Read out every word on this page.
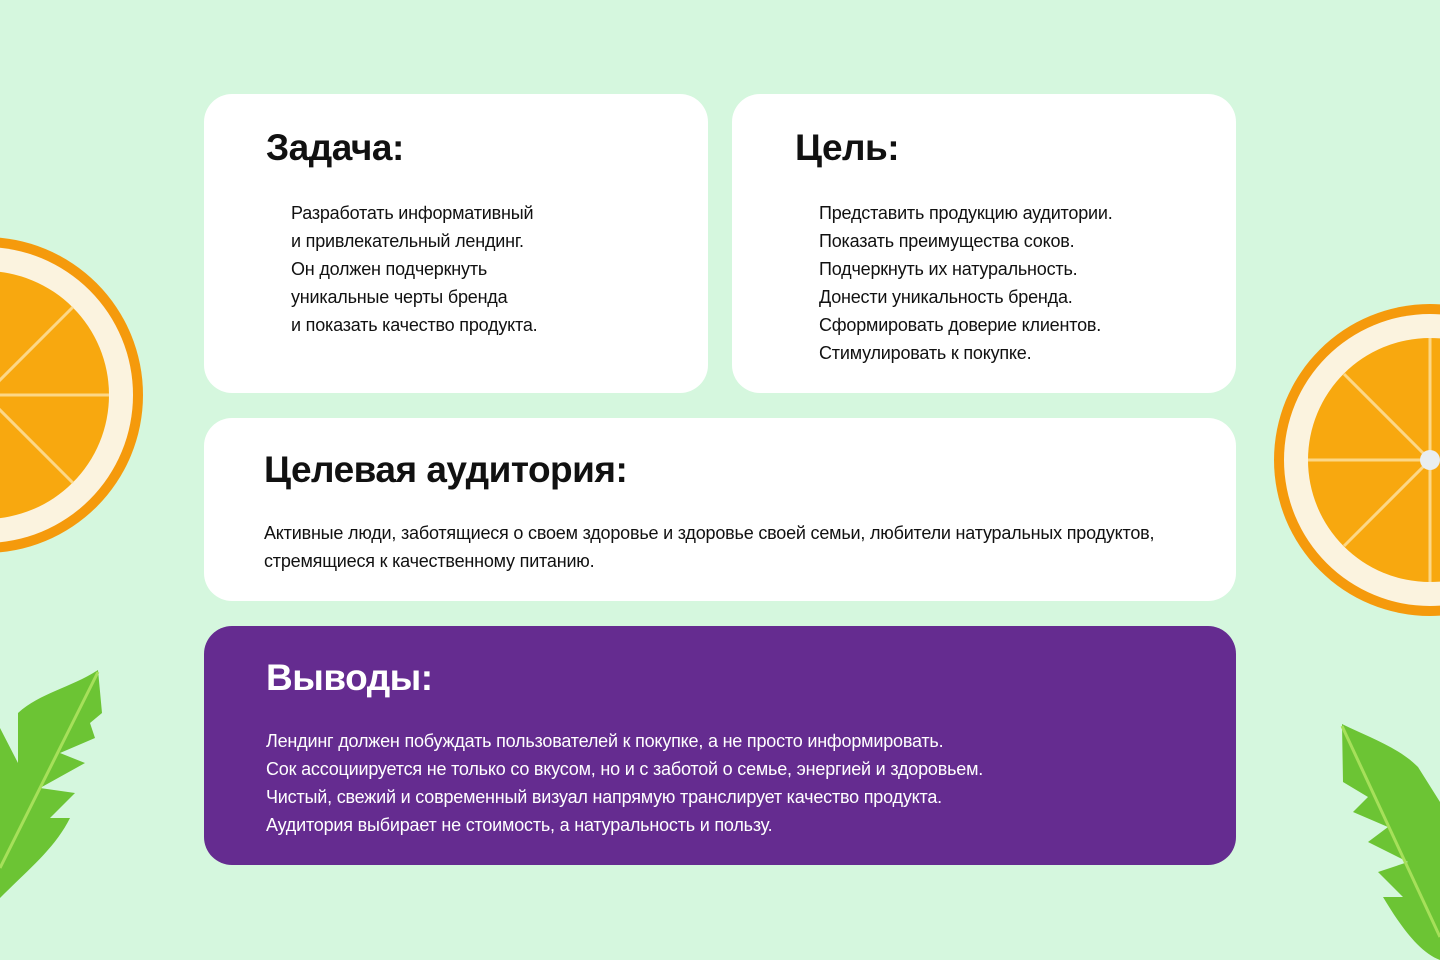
Задача:

Разработать информативный
и привлекательный лендинг.
Он должен подчеркнуть
уникальные черты бренда
и показать качество продукта.

Цель:

Представить продукцию аудитории.
Показать преимущества соков.
Подчеркнуть их натуральность.
Донести уникальность бренда.
Сформировать доверие клиентов.
Стимулировать к покупке.

Целевая аудитория:

Активные люди, заботящиеся о своем здоровье и здоровье своей семьи, любители натуральных продуктов, стремящиеся к качественному питанию.

Выводы:

Лендинг должен побуждать пользователей к покупке, а не просто информировать.
Сок ассоциируется не только со вкусом, но и с заботой о семье, энергией и здоровьем.
Чистый, свежий и современный визуал напрямую транслирует качество продукта.
Аудитория выбирает не стоимость, а натуральность и пользу.
